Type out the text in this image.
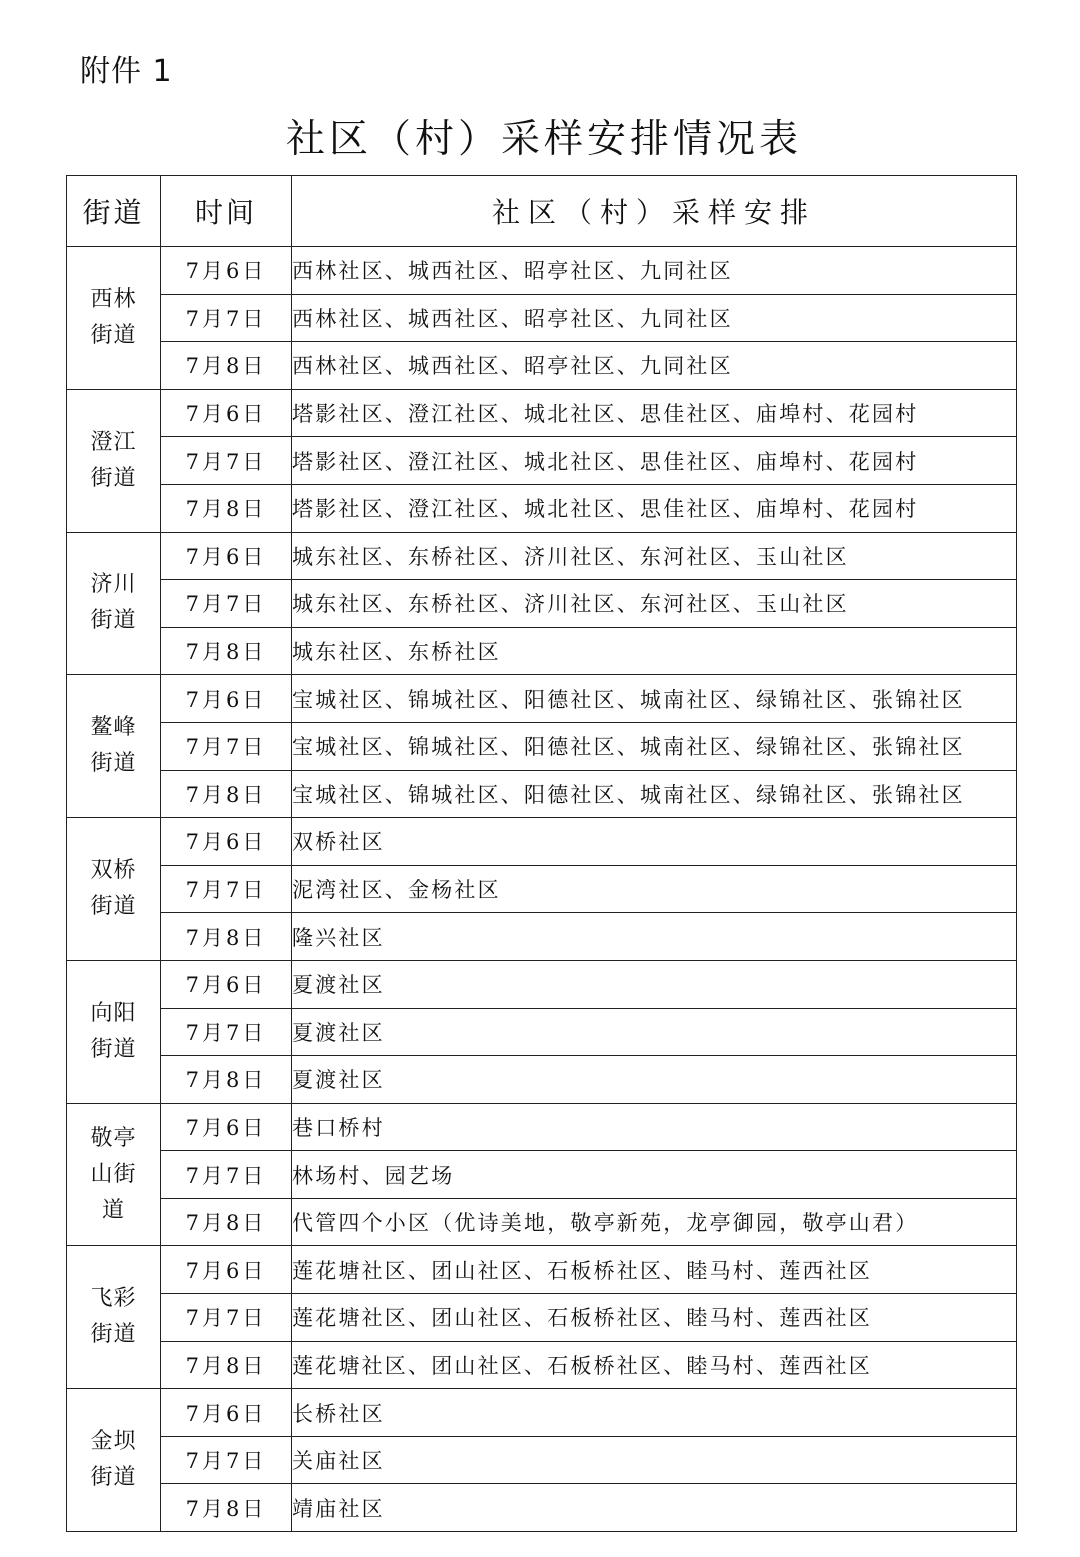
附件 1
社区（村）采样安排情况表
街道	时间	社区（村）采样安排
西林街道	7月6日	西林社区、城西社区、昭亭社区、九同社区
	7月7日	西林社区、城西社区、昭亭社区、九同社区
	7月8日	西林社区、城西社区、昭亭社区、九同社区
澄江街道	7月6日	塔影社区、澄江社区、城北社区、思佳社区、庙埠村、花园村
	7月7日	塔影社区、澄江社区、城北社区、思佳社区、庙埠村、花园村
	7月8日	塔影社区、澄江社区、城北社区、思佳社区、庙埠村、花园村
济川街道	7月6日	城东社区、东桥社区、济川社区、东河社区、玉山社区
	7月7日	城东社区、东桥社区、济川社区、东河社区、玉山社区
	7月8日	城东社区、东桥社区
鳌峰街道	7月6日	宝城社区、锦城社区、阳德社区、城南社区、绿锦社区、张锦社区
	7月7日	宝城社区、锦城社区、阳德社区、城南社区、绿锦社区、张锦社区
	7月8日	宝城社区、锦城社区、阳德社区、城南社区、绿锦社区、张锦社区
双桥街道	7月6日	双桥社区
	7月7日	泥湾社区、金杨社区
	7月8日	隆兴社区
向阳街道	7月6日	夏渡社区
	7月7日	夏渡社区
	7月8日	夏渡社区
敬亭山街道	7月6日	巷口桥村
	7月7日	林场村、园艺场
	7月8日	代管四个小区（优诗美地，敬亭新苑，龙亭御园，敬亭山君）
飞彩街道	7月6日	莲花塘社区、团山社区、石板桥社区、睦马村、莲西社区
	7月7日	莲花塘社区、团山社区、石板桥社区、睦马村、莲西社区
	7月8日	莲花塘社区、团山社区、石板桥社区、睦马村、莲西社区
金坝街道	7月6日	长桥社区
	7月7日	关庙社区
	7月8日	靖庙社区
